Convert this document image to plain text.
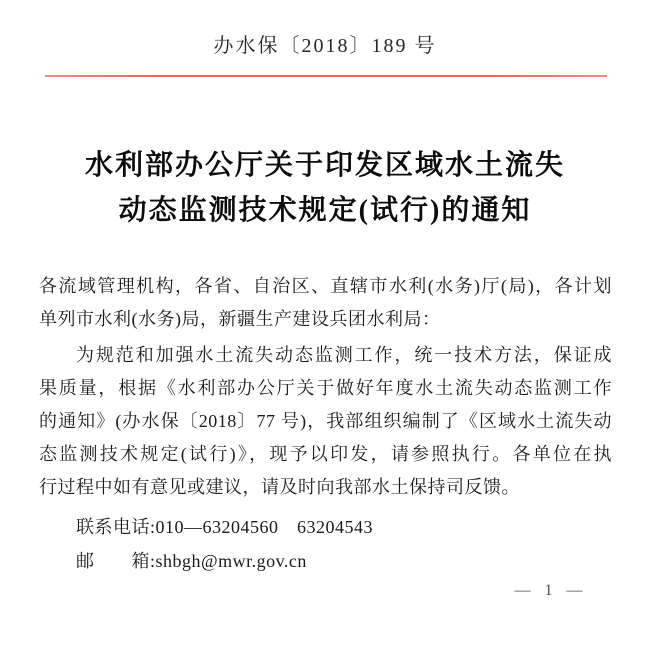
办水保〔2018〕189 号
水利部办公厅关于印发区域水土流失
动态监测技术规定(试行)的通知
各流域管理机构，各省、自治区、直辖市水利(水务)厅(局)，各计划
单列市水利(水务)局，新疆生产建设兵团水利局：
为规范和加强水土流失动态监测工作，统一技术方法，保证成
果质量，根据《水利部办公厅关于做好年度水土流失动态监测工作
的通知》(办水保〔2018〕77 号)，我部组织编制了《区域水土流失动
态监测技术规定(试行)》，现予以印发，请参照执行。各单位在执
行过程中如有意见或建议，请及时向我部水土保持司反馈。
联系电话:010—63204560　63204543
邮　　箱:shbgh@mwr.gov.cn
— 1 —
